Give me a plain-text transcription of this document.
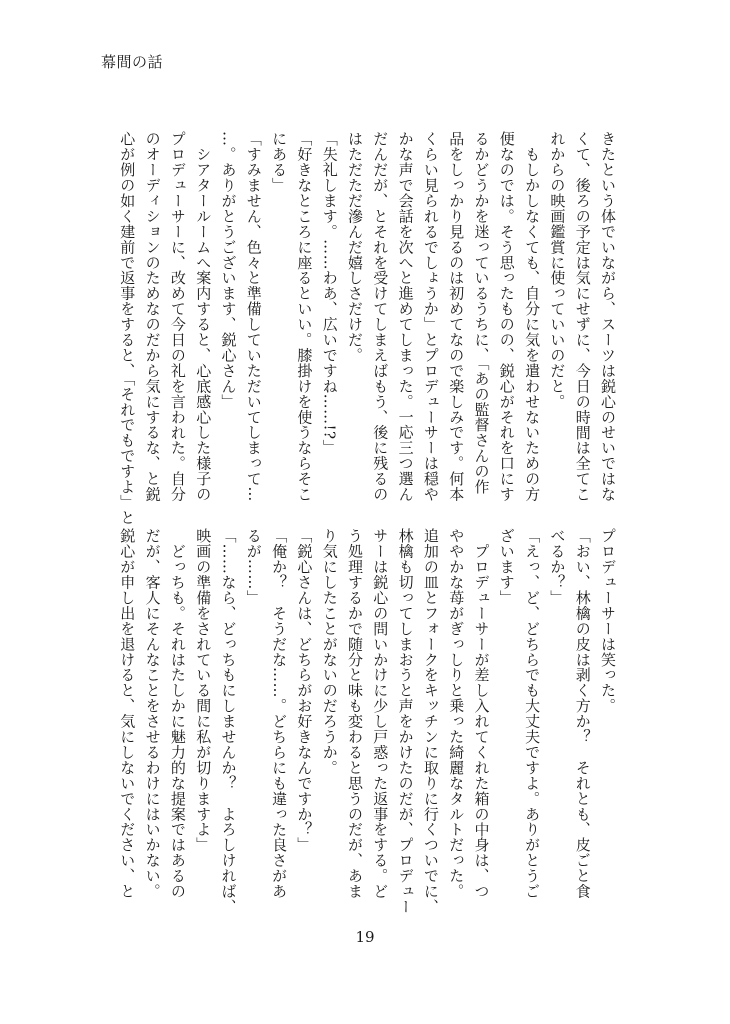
幕間の話
きたという体でいながら、スーツは鋭心のせいではな
くて、後ろの予定は気にせずに、今日の時間は全てこ
れからの映画鑑賞に使っていいのだと。
　もしかしなくても、自分に気を遣わせないための方
便なのでは。そう思ったものの、鋭心がそれを口にす
るかどうかを迷っているうちに、「あの監督さんの作
品をしっかり見るのは初めてなので楽しみです。何本
くらい見られるでしょうか」とプロデューサーは穏や
かな声で会話を次へと進めてしまった。一応三つ選ん
だんだが、とそれを受けてしまえばもう、後に残るの
はただただ滲んだ嬉しさだけだ。
「失礼します。……わあ、広いですね……!?」
「好きなところに座るといい。膝掛けを使うならそこ
にある」
「すみません、色々と準備していただいてしまって…
…。ありがとうございます、鋭心さん」
　シアタールームへ案内すると、心底感心した様子の
プロデューサーに、改めて今日の礼を言われた。自分
のオーディションのためなのだから気にするな、と鋭
心が例の如く建前で返事をすると、「それでもですよ」と
プロデューサーは笑った。
「おい、林檎の皮は剥く方か？　それとも、皮ごと食
べるか？」
「えっ、ど、どちらでも大丈夫ですよ。ありがとうご
ざいます」
　プロデューサーが差し入れてくれた箱の中身は、つ
ややかな苺がぎっしりと乗った綺麗なタルトだった。
追加の皿とフォークをキッチンに取りに行くついでに、
林檎も切ってしまおうと声をかけたのだが、プロデュー
サーは鋭心の問いかけに少し戸惑った返事をする。ど
う処理するかで随分と味も変わると思うのだが、あま
り気にしたことがないのだろうか。
「鋭心さんは、どちらがお好きなんですか？」
「俺か？　そうだな……。どちらにも違った良さがあ
るが……」
「……なら、どっちもにしませんか？　よろしければ、
映画の準備をされている間に私が切りますよ」
　どっちも。それはたしかに魅力的な提案ではあるの
だが、客人にそんなことをさせるわけにはいかない。
鋭心が申し出を退けると、気にしないでください、と
19
